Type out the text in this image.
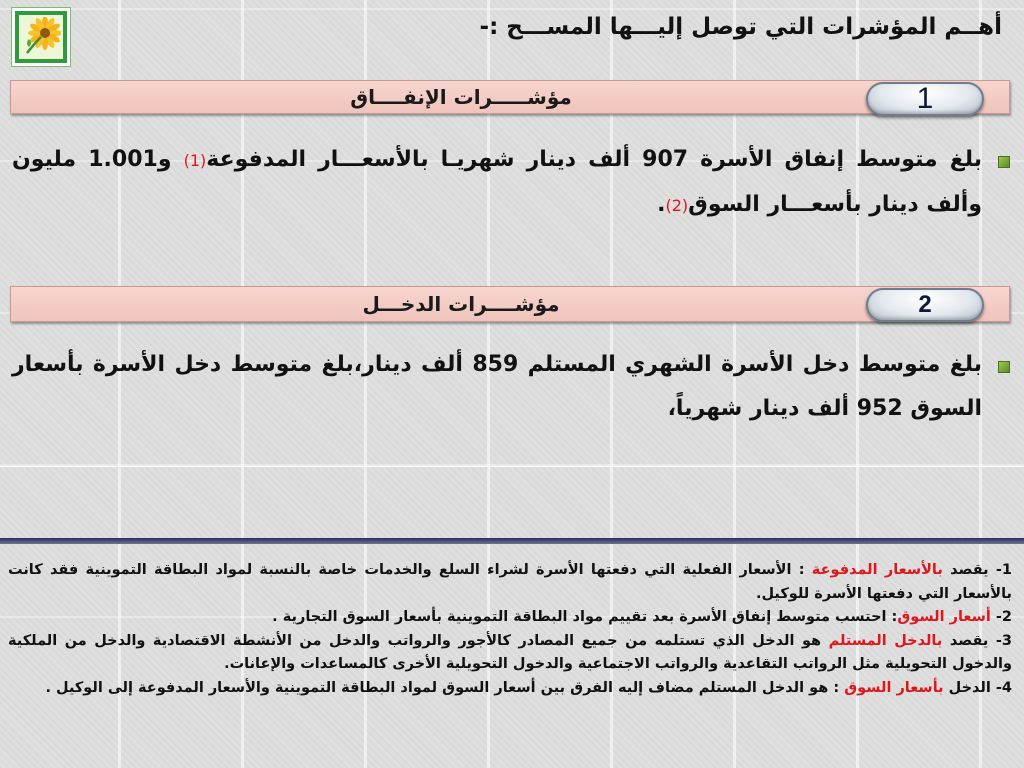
أهــم المؤشرات التي توصل إليـــها المســـح :-
مؤشـــــرات الإنفــــاق	1
بلغ متوسط إنفاق الأسرة 907 ألف دينار شهريـا بالأسعـــار المدفوعة(1) و1.001 مليون وألف دينار بأسعـــار السوق(2).
مؤشــــرات الدخـــل	2
بلغ متوسط دخل الأسرة الشهري المستلم 859 ألف دينار،بلغ متوسط دخل الأسرة بأسعار السوق 952 ألف دينار شهرياً،
1- يقصد بالأسعار المدفوعة : الأسعار الفعلية التي دفعتها الأسرة لشراء السلع والخدمات خاصة بالنسبة لمواد البطاقة التموينية فقد كانت بالأسعار التي دفعتها الأسرة للوكيل.
2- أسعار السوق: احتسب متوسط إنفاق الأسرة بعد تقييم مواد البطاقة التموينية بأسعار السوق التجارية .
3- يقصد بالدخل المستلم هو الدخل الذي تستلمه من جميع المصادر كالأجور والرواتب والدخل من الأنشطة الاقتصادية والدخل من الملكية والدخول التحويلية مثل الرواتب التقاعدية والرواتب الاجتماعية والدخول التحويلية الأخرى كالمساعدات والإعانات.
4- الدخل بأسعار السوق : هو الدخل المستلم مضاف إليه الفرق بين أسعار السوق لمواد البطاقة التموينية والأسعار المدفوعة إلى الوكيل .
